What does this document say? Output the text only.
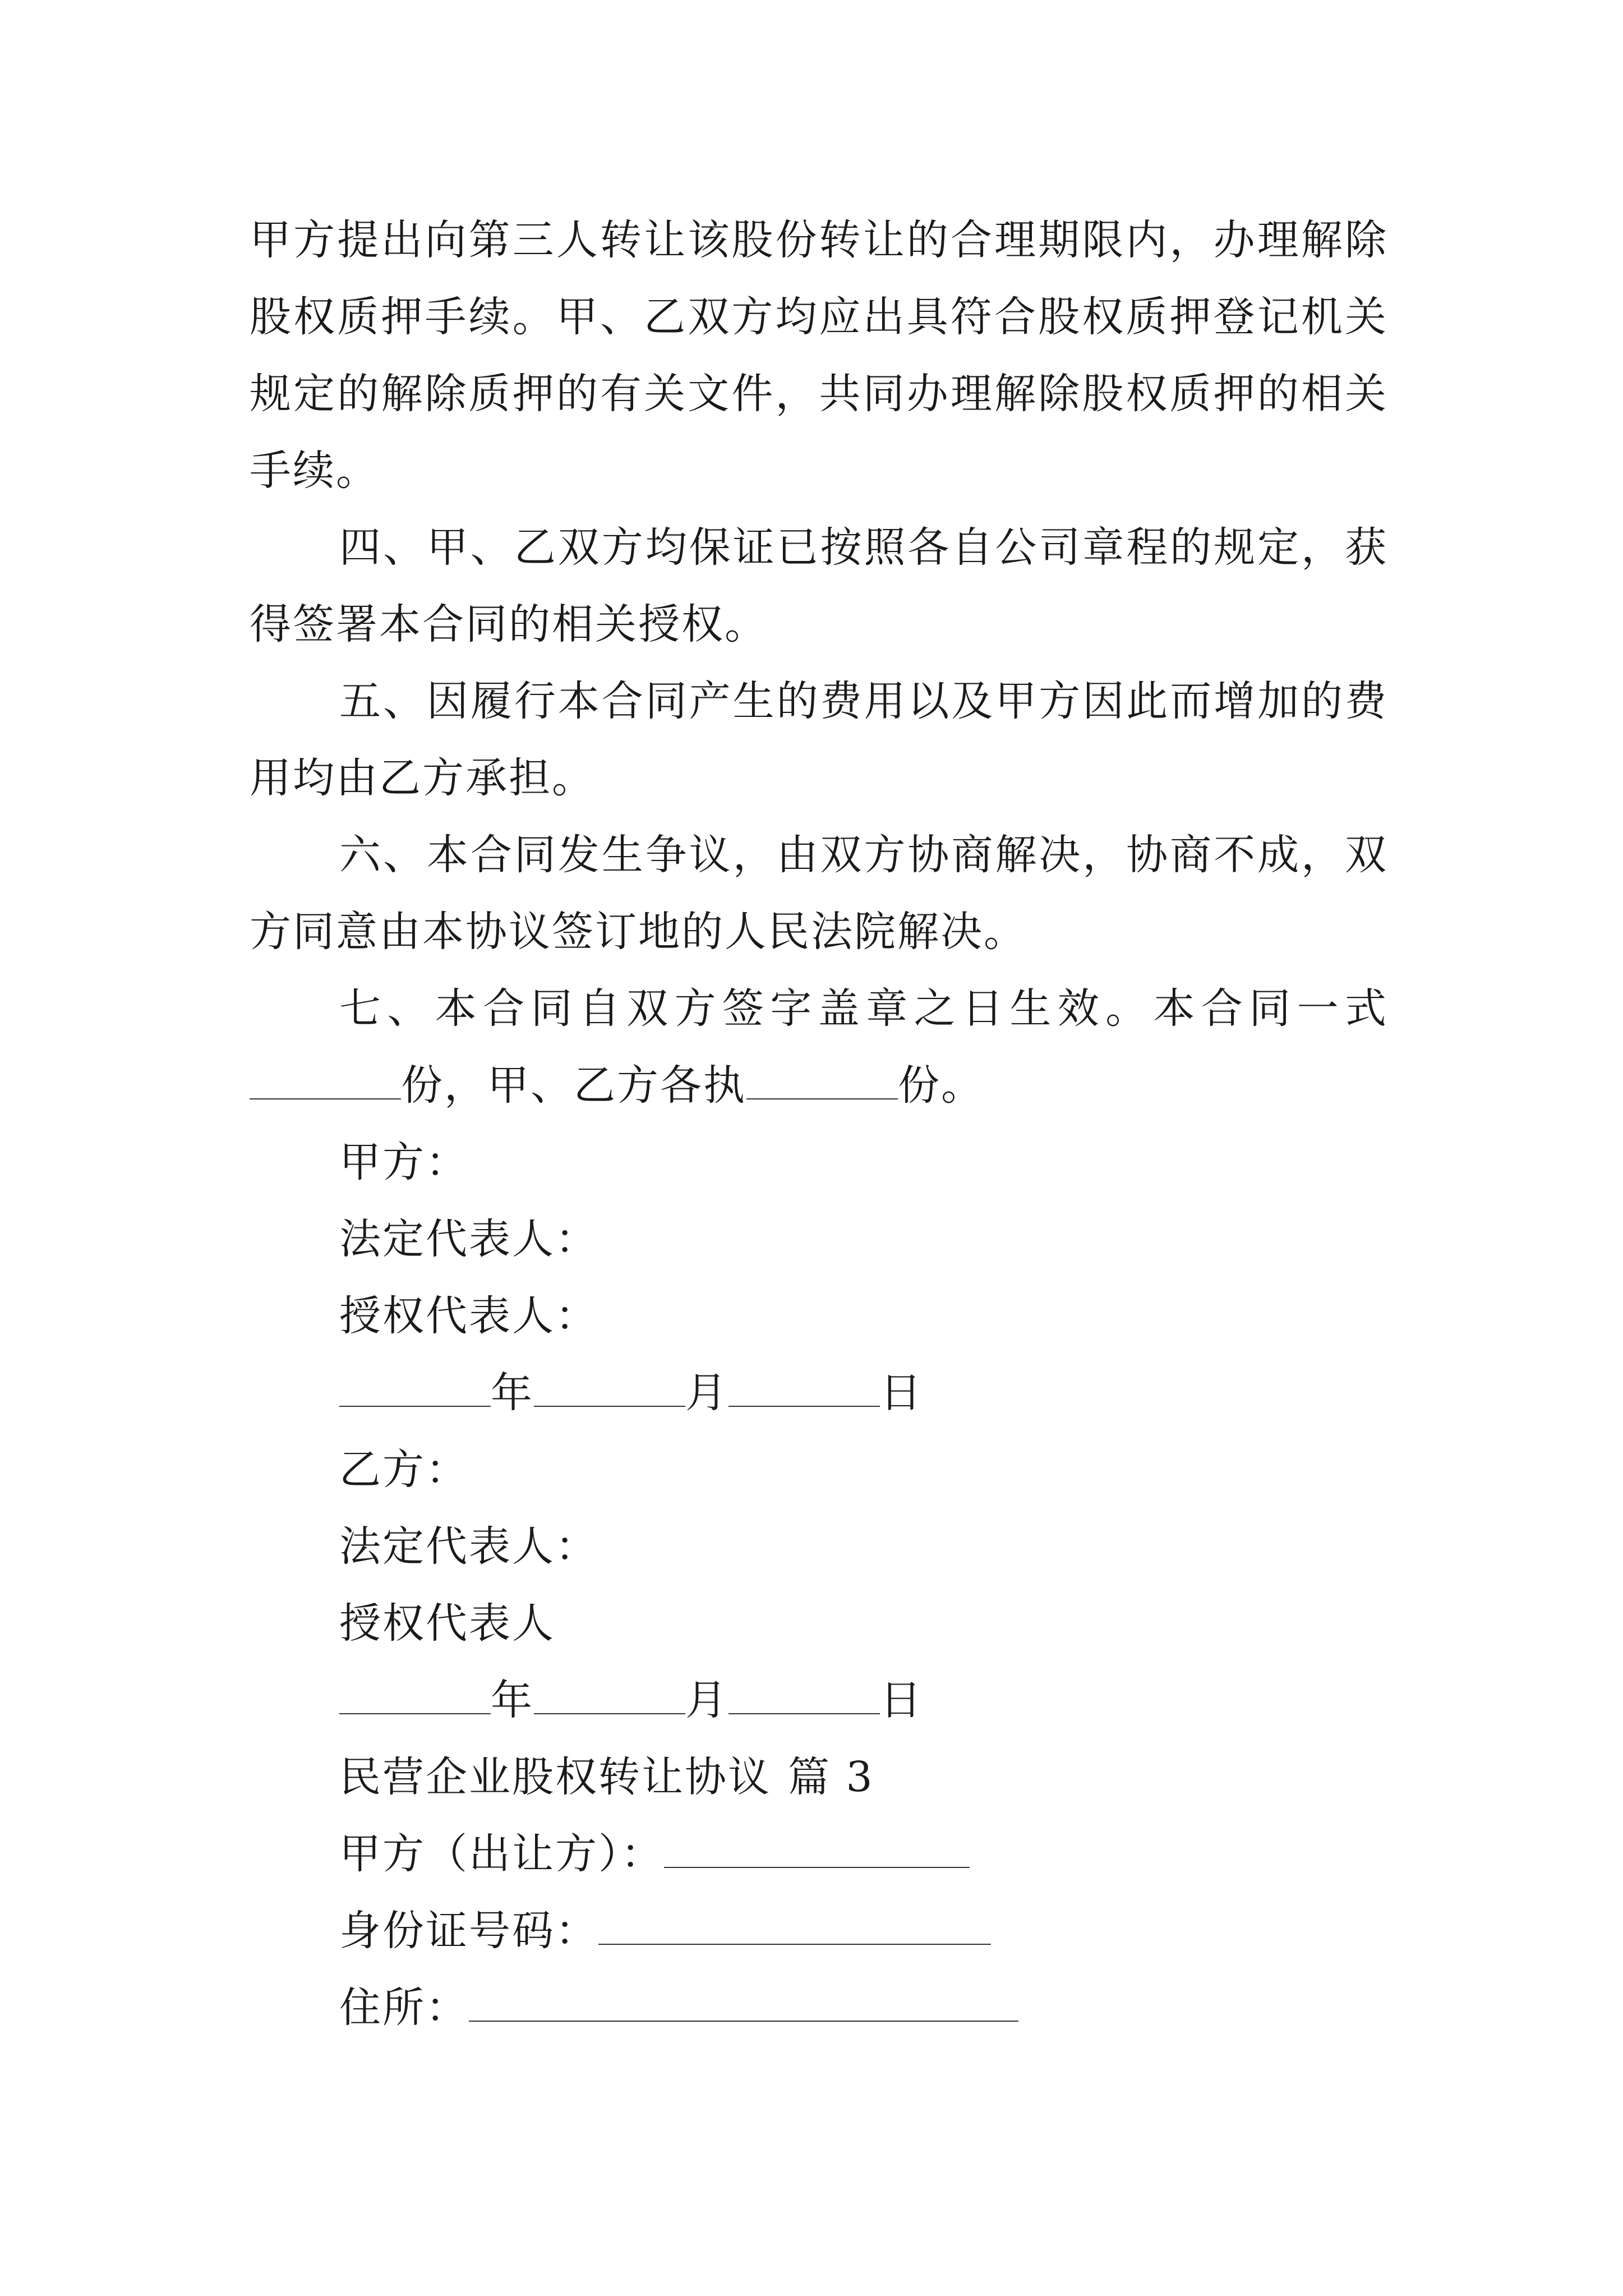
甲方提出向第三人转让该股份转让的合理期限内，办理解除
股权质押手续。甲、乙双方均应出具符合股权质押登记机关
规定的解除质押的有关文件，共同办理解除股权质押的相关
手续。
四、甲、乙双方均保证已按照各自公司章程的规定，获
得签署本合同的相关授权。
五、因履行本合同产生的费用以及甲方因此而增加的费
用均由乙方承担。
六、本合同发生争议，由双方协商解决，协商不成，双
方同意由本协议签订地的人民法院解决。
七、本合同自双方签字盖章之日生效。本合同一式
份，甲、乙方各执	份。
甲方：
法定代表人：
授权代表人：
年	月	日
乙方：
法定代表人：
授权代表人
年	月	日
民营企业股权转让协议 篇 3
甲方（出让方）：
身份证号码：
住所：
